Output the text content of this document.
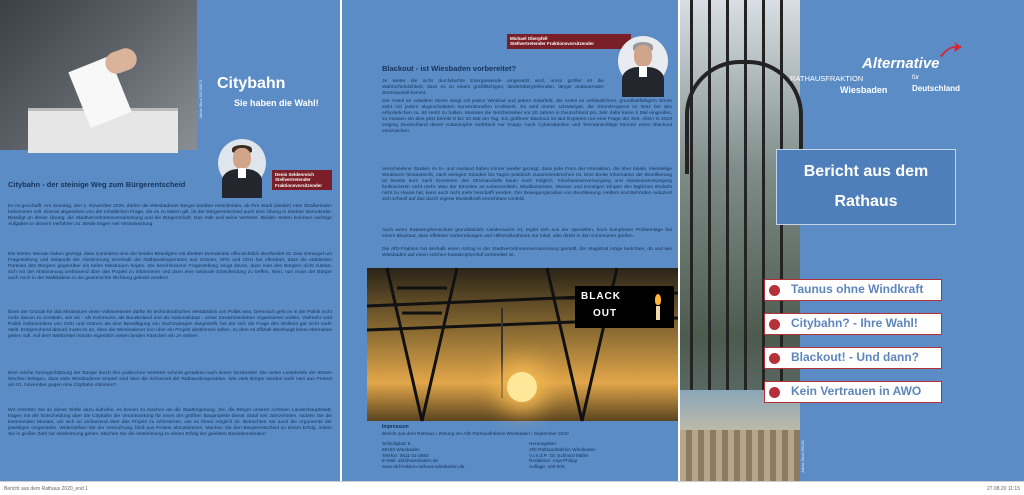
Adobe Stock 226136873 Citybahn
Sie haben die Wahl!
Denis Seldenreich
Stellvertretender
Fraktionsvorsitzender
Citybahn - der steinige Weg zum Bürgerentscheid
Es ist geschafft. Am Sonntag, den 1. November 2020, dürfen die Wiesbadener Bürger darüber entscheiden, ob Ihre Stadt (wieder) eine Straßenbahn bekommen soll. Einmal abgesehen von der inhaltlichen Frage, die es zu klären gilt, ist der Bürgerentscheid auch eine Übung in direkter Demokratie. Beteiligt an dieser Übung: die Stadtverordnetenversammlung und die Bürgerschaft. Das Volk und seine Vertreter. Beiden Seiten kommen wichtige Aufgaben in diesem Verfahren zu. Beide tragen viel Verantwortung.
Die letzten Monate haben gezeigt, dass zumindest eine der beiden Beteiligten mit direkter Demokratie offensichtlich überfordert ist. Das Gerangel um Fragestellung und Zeitpunkt der Abstimmung innerhalb der Rathauskooperation aus Grünen, SPD und CDU hat offenbart, dass die etablierten Parteien den Bürgern gegenüber ein tiefes Misstrauen hegen. Die beschlossene Fragestellung zeugt davon, dass man den Bürgern nicht zutraut, sich vor der Abstimmung umfassend über das Projekt zu informieren und dann eine rationale Entscheidung zu treffen. Nein, nun muss der Bürger auch noch in der Wahlkabine in die gewünschte Richtung gelenkt werden!
Einer der Gründe für das Misstrauen vieler Volksvertreter dürfte ihr technokratisches Verständnis von Politik sein. Demnach geht es in der Politik nicht mehr darum zu ermitteln, wie wir - als Kommune, als Bundesland und als Nationalstaat - unser Zusammenleben organisieren wollen. Vielmehr wird Politik insbesondere von CDU und Grünen als eine Bewältigung von Sachzwängen dargestellt, bei der sich die Frage des Wollens gar nicht mehr stellt. Entsprechend absurd mutet es an, dass die Wiesbadener nun über ein Projekt abstimmen sollen, zu dem es offiziell überhaupt keine Alternative geben soll. Auf dem Wahlzettel müsste eigentlich neben beiden Kästchen ein JA stehen.
Eine solche Geringschätzung der Bürger durch ihre politischen Vertreter scheint geradezu nach einem Denkzettel. Die vielen Leserbriefe der letzten Wochen belegen, dass viele Wiesbadener empört sind über die Schonzeit der Rathauskooperation. Wie viele Bürger werden wohl nein aus Protest am 01. November gegen eine CityBahn stimmen?
Wir möchten Sie an dieser Stelle dazu aufrufen, es besser zu machen als die Stadtregierung. Sie, die Bürger unserer schönen Landeshauptstadt, tragen mit der Entscheidung über die CityBahn die Verantwortung für eines der größten Bauprojekte dieser Stadt seit Jahrzehnten. Nutzen Sie die kommenden Monate, um sich so umfassend über das Projekt zu informieren, wie es Ihnen möglich ist. Betrachten Sie auch die Argumente der jeweiligen Gegenseite. Widerstehen Sie der Versuchung, bloß aus Protest abzustimmen. Machen Sie den Bürgerentscheid zu einem Erfolg, indem Sie in großer Zahl zur Abstimmung gehen. Machen Sie die Abstimmung zu einem Erfolg der gelebten Basisdemokratie!
Michael Oberpfell
Stellvertretender Fraktionsvorsitzender
Blackout - ist Wiesbaden vorbereitet?
Je weiter die nicht durchdachte Energiewende umgesetzt wird, umso größer ist die Wahrscheinlichkeit, dass es zu einem großflächigen, länderübergreifenden, länger andauernden Stromausfall kommt.
Der Anteil an volatilem Strom steigt mit jedem Windrad und jedem Solarfeld, der Anteil an verlässlichem, grundlastfähigem Strom sinkt mit jedem abgeschalteten konventionellen Kraftwerk. Es wird immer schwieriger, die Stromfrequenz im Netz bei den erforderlichen ca. 50 Hertz zu halten. Mussten die Netzbetreiber vor 20 Jahren in Deutschland pro Jahr dafür keine 5 Mal eingreifen, so müssen sie dies jetzt bereits 8 bis 10 Mal am Tag. Ein größerer Blackout ist laut Experten nur eine Frage der Zeit. Allein in 2019 entging Deutschland dieser Katastrophe mehrfach nur knapp. Auch Cyberattacken und Terroranschläge können einen Blackout verursachen.
Verschiedene Studien im In- und Ausland haben immer wieder gezeigt, dass jede Form der Interaktion, die über lokale, kleinteilige Strukturen hinausreicht, nach wenigen Stunden bis Tagen praktisch zusammenbrechen ist. Eine breite Information der Bevölkerung ist bereits kurz nach Einsetzen des Stromausfalls kaum noch möglich. Frischwasserversorgung und Abwasserentsorgung funktionieren nicht mehr. Was der Einzelne an Lebensmitteln, Medikamenten, Wasser und sonstigen Dingen des täglichen Bedarfs nicht zu Hause hat, kann auch nicht mehr beschafft werden. Der Bewegungsradius von Bevölkerung, Helfern und Behörden reduziert sich schnell auf das durch eigene Muskelkraft erreichbare Umfeld.
Auch wenn Katastrophenschutz grundsätzlich Ländersache ist, ergibt sich aus der speziellen, hoch komplexen Problemlage bei einem Blackout, dass effektive Vorbereitungen und Hilfsmaßnahmen nur lokal, also direkt in den Kommunen greifen.
Die AfD-Fraktion hat deshalb einen Antrag in der Stadtverordnetenversammlung gestellt, der Magistrat möge berichten, ob und wie Wiesbaden auf einen solchen Katastrophenfall vorbereitet ist.
BLACK
OUT
Impressum
Bericht aus dem Rathaus / Zeitung der AfD Rathausfraktion Wiesbaden / September 2020
Schloßplatz 6
65183 Wiesbaden
Telefon: 0611-31-2883
E-Mail: afd@wiesbaden.de
www.afd-fraktion-rathaus-wiesbaden.de
Herausgeber:
AfD Rathausfraktion Wiesbaden
V.i.S.d.P.: Dr. Eckhard Müller
Redaktion: Anja Philipp
Auflage: 100.000	Adobe Stock 356182
Alternative
RATHAUSFRAKTION
Wiesbaden
für
Deutschland
Bericht aus dem
Rathaus
Taunus ohne Windkraft
Citybahn? - Ihre Wahl!
Blackout! - Und dann?
Kein Vertrauen in AWO
Bericht aus dem Rathaus 2020_end 1	27.08.20 11:15
